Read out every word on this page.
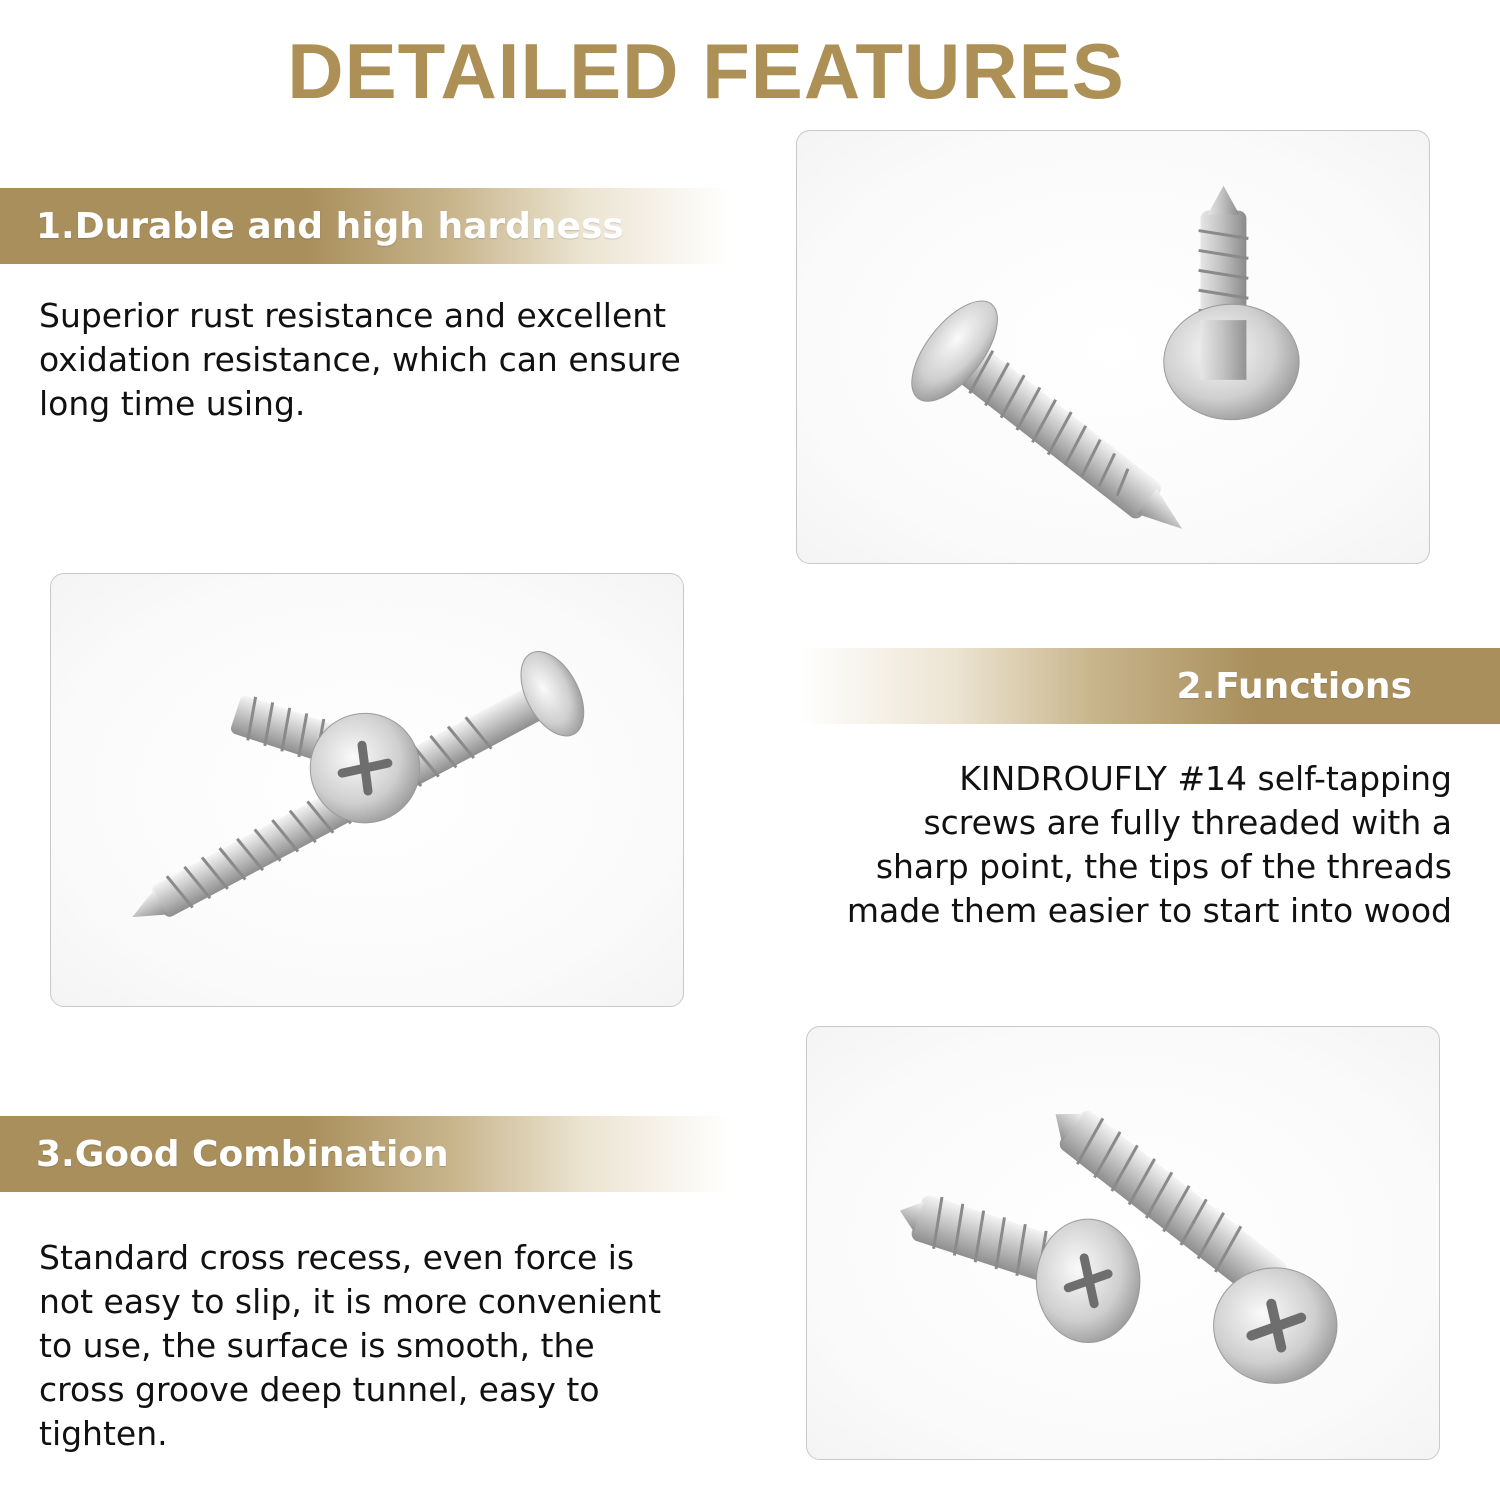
DETAILED FEATURES
1.Durable and high hardness
Superior rust resistance and excellent
oxidation resistance, which can ensure
long time using.
2.Functions
KINDROUFLY #14 self-tapping
screws are fully threaded with a
sharp point, the tips of the threads
made them easier to start into wood
3.Good Combination
Standard cross recess, even force is
not easy to slip, it is more convenient
to use, the surface is smooth, the
cross groove deep tunnel, easy to
tighten.
